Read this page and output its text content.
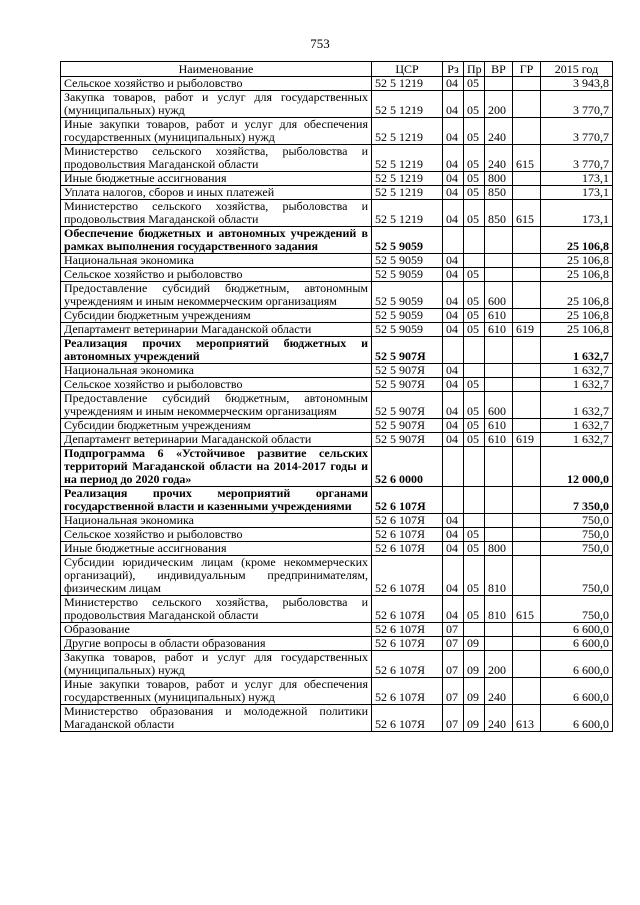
753
Наименование	ЦСР	Рз	Пр	ВР	ГР	2015 год
Сельское хозяйство и рыболовство	52 5 1219	04	05			3 943,8
Закупка товаров, работ и услуг для государственных (муниципальных) нужд	52 5 1219	04	05	200		3 770,7
Иные закупки товаров, работ и услуг для обеспечения государственных (муниципальных) нужд	52 5 1219	04	05	240		3 770,7
Министерство сельского хозяйства, рыболовства и продовольствия Магаданской области	52 5 1219	04	05	240	615	3 770,7
Иные бюджетные ассигнования	52 5 1219	04	05	800		173,1
Уплата налогов, сборов и иных платежей	52 5 1219	04	05	850		173,1
Министерство сельского хозяйства, рыболовства и продовольствия Магаданской области	52 5 1219	04	05	850	615	173,1
Обеспечение бюджетных и автономных учреждений в рамках выполнения государственного задания	52 5 9059					25 106,8
Национальная экономика	52 5 9059	04				25 106,8
Сельское хозяйство и рыболовство	52 5 9059	04	05			25 106,8
Предоставление субсидий бюджетным, автономным учреждениям и иным некоммерческим организациям	52 5 9059	04	05	600		25 106,8
Субсидии бюджетным учреждениям	52 5 9059	04	05	610		25 106,8
Департамент ветеринарии Магаданской области	52 5 9059	04	05	610	619	25 106,8
Реализация прочих мероприятий бюджетных и автономных учреждений	52 5 907Я					1 632,7
Национальная экономика	52 5 907Я	04				1 632,7
Сельское хозяйство и рыболовство	52 5 907Я	04	05			1 632,7
Предоставление субсидий бюджетным, автономным учреждениям и иным некоммерческим организациям	52 5 907Я	04	05	600		1 632,7
Субсидии бюджетным учреждениям	52 5 907Я	04	05	610		1 632,7
Департамент ветеринарии Магаданской области	52 5 907Я	04	05	610	619	1 632,7
Подпрограмма 6 «Устойчивое развитие сельских территорий Магаданской области на 2014-2017 годы и на период до 2020 года»	52 6 0000					12 000,0
Реализация прочих мероприятий органами государственной власти и казенными учреждениями	52 6 107Я					7 350,0
Национальная экономика	52 6 107Я	04				750,0
Сельское хозяйство и рыболовство	52 6 107Я	04	05			750,0
Иные бюджетные ассигнования	52 6 107Я	04	05	800		750,0
Субсидии юридическим лицам (кроме некоммерческих организаций), индивидуальным предпринимателям, физическим лицам	52 6 107Я	04	05	810		750,0
Министерство сельского хозяйства, рыболовства и продовольствия Магаданской области	52 6 107Я	04	05	810	615	750,0
Образование	52 6 107Я	07				6 600,0
Другие вопросы в области образования	52 6 107Я	07	09			6 600,0
Закупка товаров, работ и услуг для государственных (муниципальных) нужд	52 6 107Я	07	09	200		6 600,0
Иные закупки товаров, работ и услуг для обеспечения государственных (муниципальных) нужд	52 6 107Я	07	09	240		6 600,0
Министерство образования и молодежной политики Магаданской области	52 6 107Я	07	09	240	613	6 600,0
